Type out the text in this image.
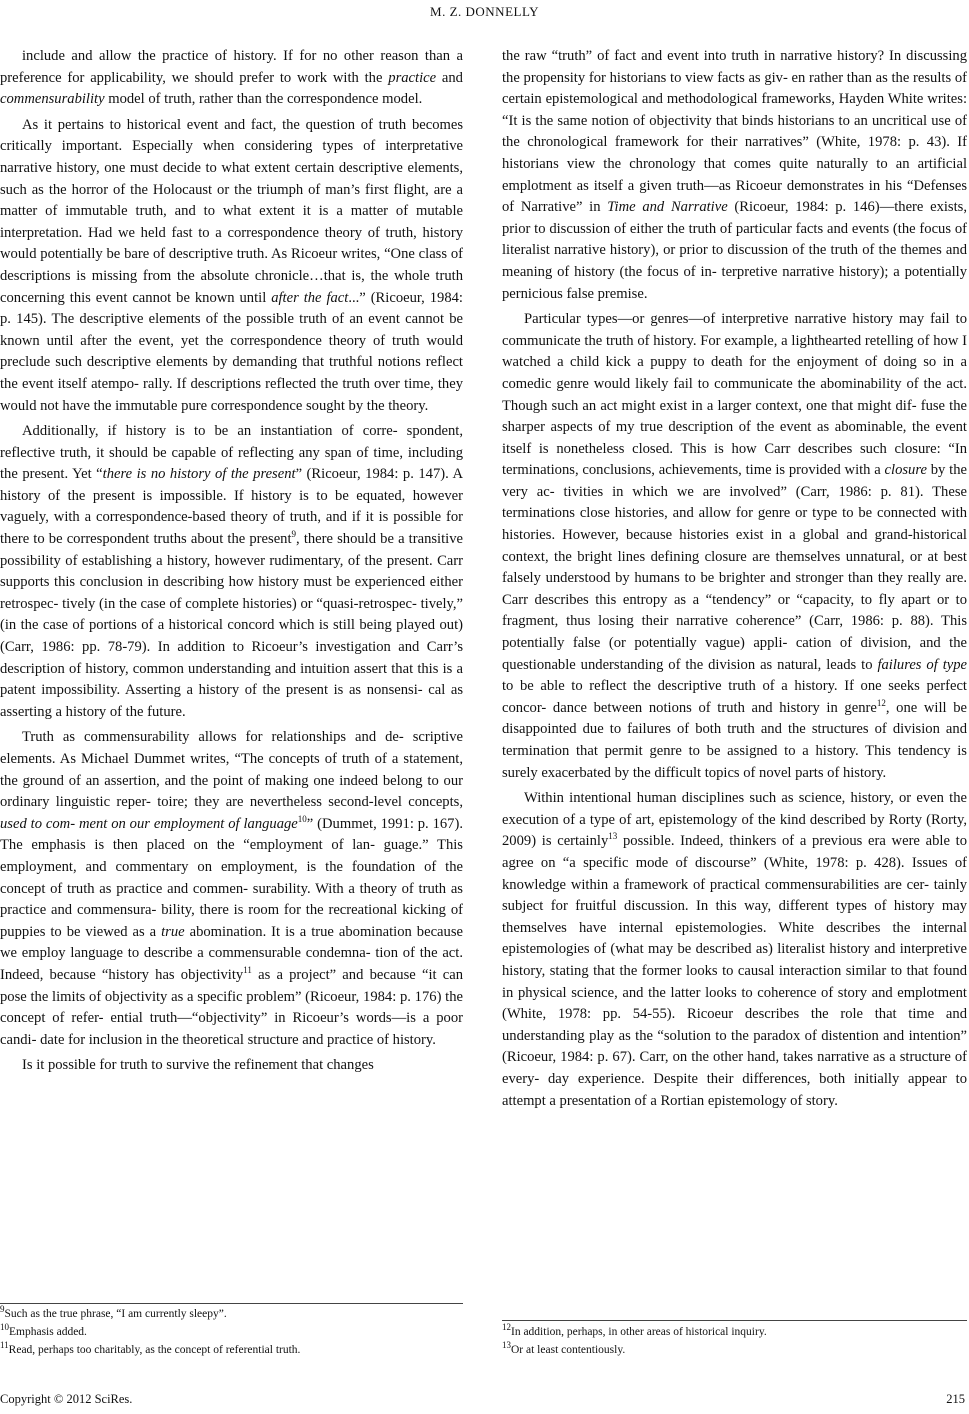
M. Z. DONNELLY

include and allow the practice of history. If for no other reason than a preference for applicability, we should prefer to work with the practice and commensurability model of truth, rather than the correspondence model.

As it pertains to historical event and fact, the question of truth becomes critically important. Especially when considering types of interpretative narrative history, one must decide to what extent certain descriptive elements, such as the horror of the Holocaust or the triumph of man’s first flight, are a matter of immutable truth, and to what extent it is a matter of mutable interpretation. Had we held fast to a correspondence theory of truth, history would potentially be bare of descriptive truth. As Ricoeur writes, “One class of descriptions is missing from the absolute chronicle…that is, the whole truth concerning this event cannot be known until after the fact...” (Ricoeur, 1984: p. 145). The descriptive elements of the possible truth of an event cannot be known until after the event, yet the correspondence theory of truth would preclude such descriptive elements by demanding that truthful notions reflect the event itself atempo- rally. If descriptions reflected the truth over time, they would not have the immutable pure correspondence sought by the theory.

Additionally, if history is to be an instantiation of corre- spondent, reflective truth, it should be capable of reflecting any span of time, including the present. Yet “there is no history of the present” (Ricoeur, 1984: p. 147). A history of the present is impossible. If history is to be equated, however vaguely, with a correspondence-based theory of truth, and if it is possible for there to be correspondent truths about the present$^9$, there should be a transitive possibility of establishing a history, however rudimentary, of the present. Carr supports this conclusion in describing how history must be experienced either retrospec- tively (in the case of complete histories) or “quasi-retrospec- tively,” (in the case of portions of a historical concord which is still being played out) (Carr, 1986: pp. 78-79). In addition to Ricoeur’s investigation and Carr’s description of history, common understanding and intuition assert that this is a patent impossibility. Asserting a history of the present is as nonsensi- cal as asserting a history of the future.

Truth as commensurability allows for relationships and de- scriptive elements. As Michael Dummet writes, “The concepts of truth of a statement, the ground of an assertion, and the point of making one indeed belong to our ordinary linguistic reper- toire; they are nevertheless second-level concepts, used to com- ment on our employment of language$^{10}$” (Dummet, 1991: p. 167). The emphasis is then placed on the “employment of lan- guage.” This employment, and commentary on employment, is the foundation of the concept of truth as practice and commen- surability. With a theory of truth as practice and commensura- bility, there is room for the recreational kicking of puppies to be viewed as a true abomination. It is a true abomination because we employ language to describe a commensurable condemna- tion of the act. Indeed, because “history has objectivity$^{11}$ as a project” and because “it can pose the limits of objectivity as a specific problem” (Ricoeur, 1984: p. 176) the concept of refer- ential truth—“objectivity” in Ricoeur’s words—is a poor candi- date for inclusion in the theoretical structure and practice of history.

Is it possible for truth to survive the refinement that changes

the raw “truth” of fact and event into truth in narrative history? In discussing the propensity for historians to view facts as giv- en rather than as the results of certain epistemological and methodological frameworks, Hayden White writes: “It is the same notion of objectivity that binds historians to an uncritical use of the chronological framework for their narratives” (White, 1978: p. 43). If historians view the chronology that comes quite naturally to an artificial emplotment as itself a given truth—as Ricoeur demonstrates in his “Defenses of Narrative” in Time and Narrative (Ricoeur, 1984: p. 146)—there exists, prior to discussion of either the truth of particular facts and events (the focus of literalist narrative history), or prior to discussion of the truth of the themes and meaning of history (the focus of in- terpretive narrative history); a potentially pernicious false premise.

Particular types—or genres—of interpretive narrative history may fail to communicate the truth of history. For example, a lighthearted retelling of how I watched a child kick a puppy to death for the enjoyment of doing so in a comedic genre would likely fail to communicate the abominability of the act. Though such an act might exist in a larger context, one that might dif- fuse the sharper aspects of my true description of the event as abominable, the event itself is nonetheless closed. This is how Carr describes such closure: “In terminations, conclusions, achievements, time is provided with a closure by the very ac- tivities in which we are involved” (Carr, 1986: p. 81). These terminations close histories, and allow for genre or type to be connected with histories. However, because histories exist in a global and grand-historical context, the bright lines defining closure are themselves unnatural, or at best falsely understood by humans to be brighter and stronger than they really are. Carr describes this entropy as a “tendency” or “capacity, to fly apart or to fragment, thus losing their narrative coherence” (Carr, 1986: p. 88). This potentially false (or potentially vague) appli- cation of division, and the questionable understanding of the division as natural, leads to failures of type to be able to reflect the descriptive truth of a history. If one seeks perfect concor- dance between notions of truth and history in genre$^{12}$, one will be disappointed due to failures of both truth and the structures of division and termination that permit genre to be assigned to a history. This tendency is surely exacerbated by the difficult topics of novel parts of history.

Within intentional human disciplines such as science, history, or even the execution of a type of art, epistemology of the kind described by Rorty (Rorty, 2009) is certainly$^{13}$ possible. Indeed, thinkers of a previous era were able to agree on “a specific mode of discourse” (White, 1978: p. 428). Issues of knowledge within a framework of practical commensurabilities are cer- tainly subject for fruitful discussion. In this way, different types of history may themselves have internal epistemologies. White describes the internal epistemologies of (what may be described as) literalist history and interpretive history, stating that the former looks to causal interaction similar to that found in physical science, and the latter looks to coherence of story and emplotment (White, 1978: pp. 54-55). Ricoeur describes the role that time and understanding play as the “solution to the paradox of distention and intention” (Ricoeur, 1984: p. 67). Carr, on the other hand, takes narrative as a structure of every- day experience. Despite their differences, both initially appear to attempt a presentation of a Rortian epistemology of story.

$^9$Such as the true phrase, “I am currently sleepy”.
$^{10}$Emphasis added.
$^{11}$Read, perhaps too charitably, as the concept of referential truth.
$^{12}$In addition, perhaps, in other areas of historical inquiry.
$^{13}$Or at least contentiously.
Copyright © 2012 SciRes.	215
